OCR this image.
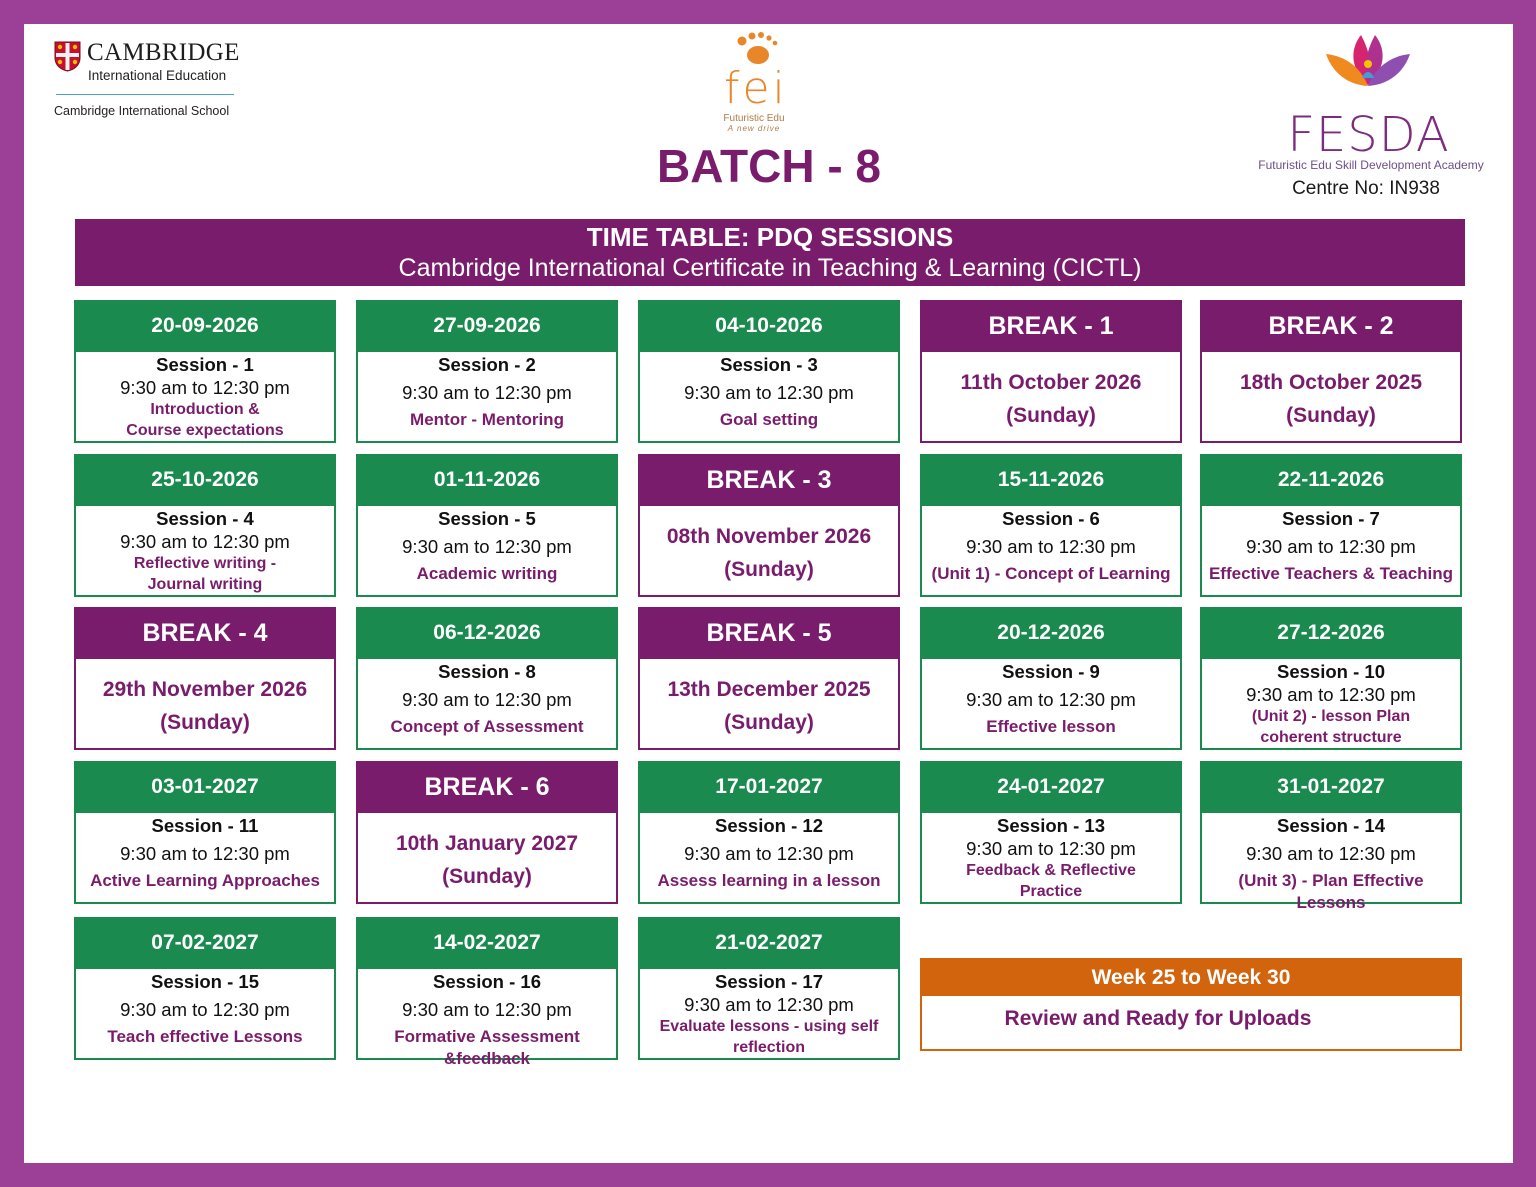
CAMBRIDGE
International Education
Cambridge International School	fei
Futuristic Edu
A new drive
BATCH - 8
FESDA
Futuristic Edu Skill Development Academy
Centre No: IN938
TIME TABLE: PDQ SESSIONS
Cambridge International Certificate in Teaching & Learning (CICTL)
20-09-2026
Session - 1
9:30 am to 12:30 pm
Introduction &
Course expectations
27-09-2026
Session - 2
9:30 am to 12:30 pm
Mentor - Mentoring
04-10-2026
Session - 3
9:30 am to 12:30 pm
Goal setting
BREAK - 1
11th October 2026
(Sunday)
BREAK - 2
18th October 2025
(Sunday)
25-10-2026
Session - 4
9:30 am to 12:30 pm
Reflective writing -
Journal writing
01-11-2026
Session - 5
9:30 am to 12:30 pm
Academic writing
BREAK - 3
08th November 2026
(Sunday)
15-11-2026
Session - 6
9:30 am to 12:30 pm
(Unit 1) - Concept of Learning
22-11-2026
Session - 7
9:30 am to 12:30 pm
Effective Teachers & Teaching
BREAK - 4
29th November 2026
(Sunday)
06-12-2026
Session - 8
9:30 am to 12:30 pm
Concept of Assessment
BREAK - 5
13th December 2025
(Sunday)
20-12-2026
Session - 9
9:30 am to 12:30 pm
Effective lesson
27-12-2026
Session - 10
9:30 am to 12:30 pm
(Unit 2) - lesson Plan
coherent structure
03-01-2027
Session - 11
9:30 am to 12:30 pm
Active Learning Approaches
BREAK - 6
10th January 2027
(Sunday)
17-01-2027
Session - 12
9:30 am to 12:30 pm
Assess learning in a lesson
24-01-2027
Session - 13
9:30 am to 12:30 pm
Feedback & Reflective
Practice
31-01-2027
Session - 14
9:30 am to 12:30 pm
(Unit 3) - Plan Effective Lessons
07-02-2027
Session - 15
9:30 am to 12:30 pm
Teach effective Lessons
14-02-2027
Session - 16
9:30 am to 12:30 pm
Formative Assessment &feedback
21-02-2027
Session - 17
9:30 am to 12:30 pm
Evaluate lessons - using self
reflection
Week 25 to Week 30
Review and Ready for Uploads
